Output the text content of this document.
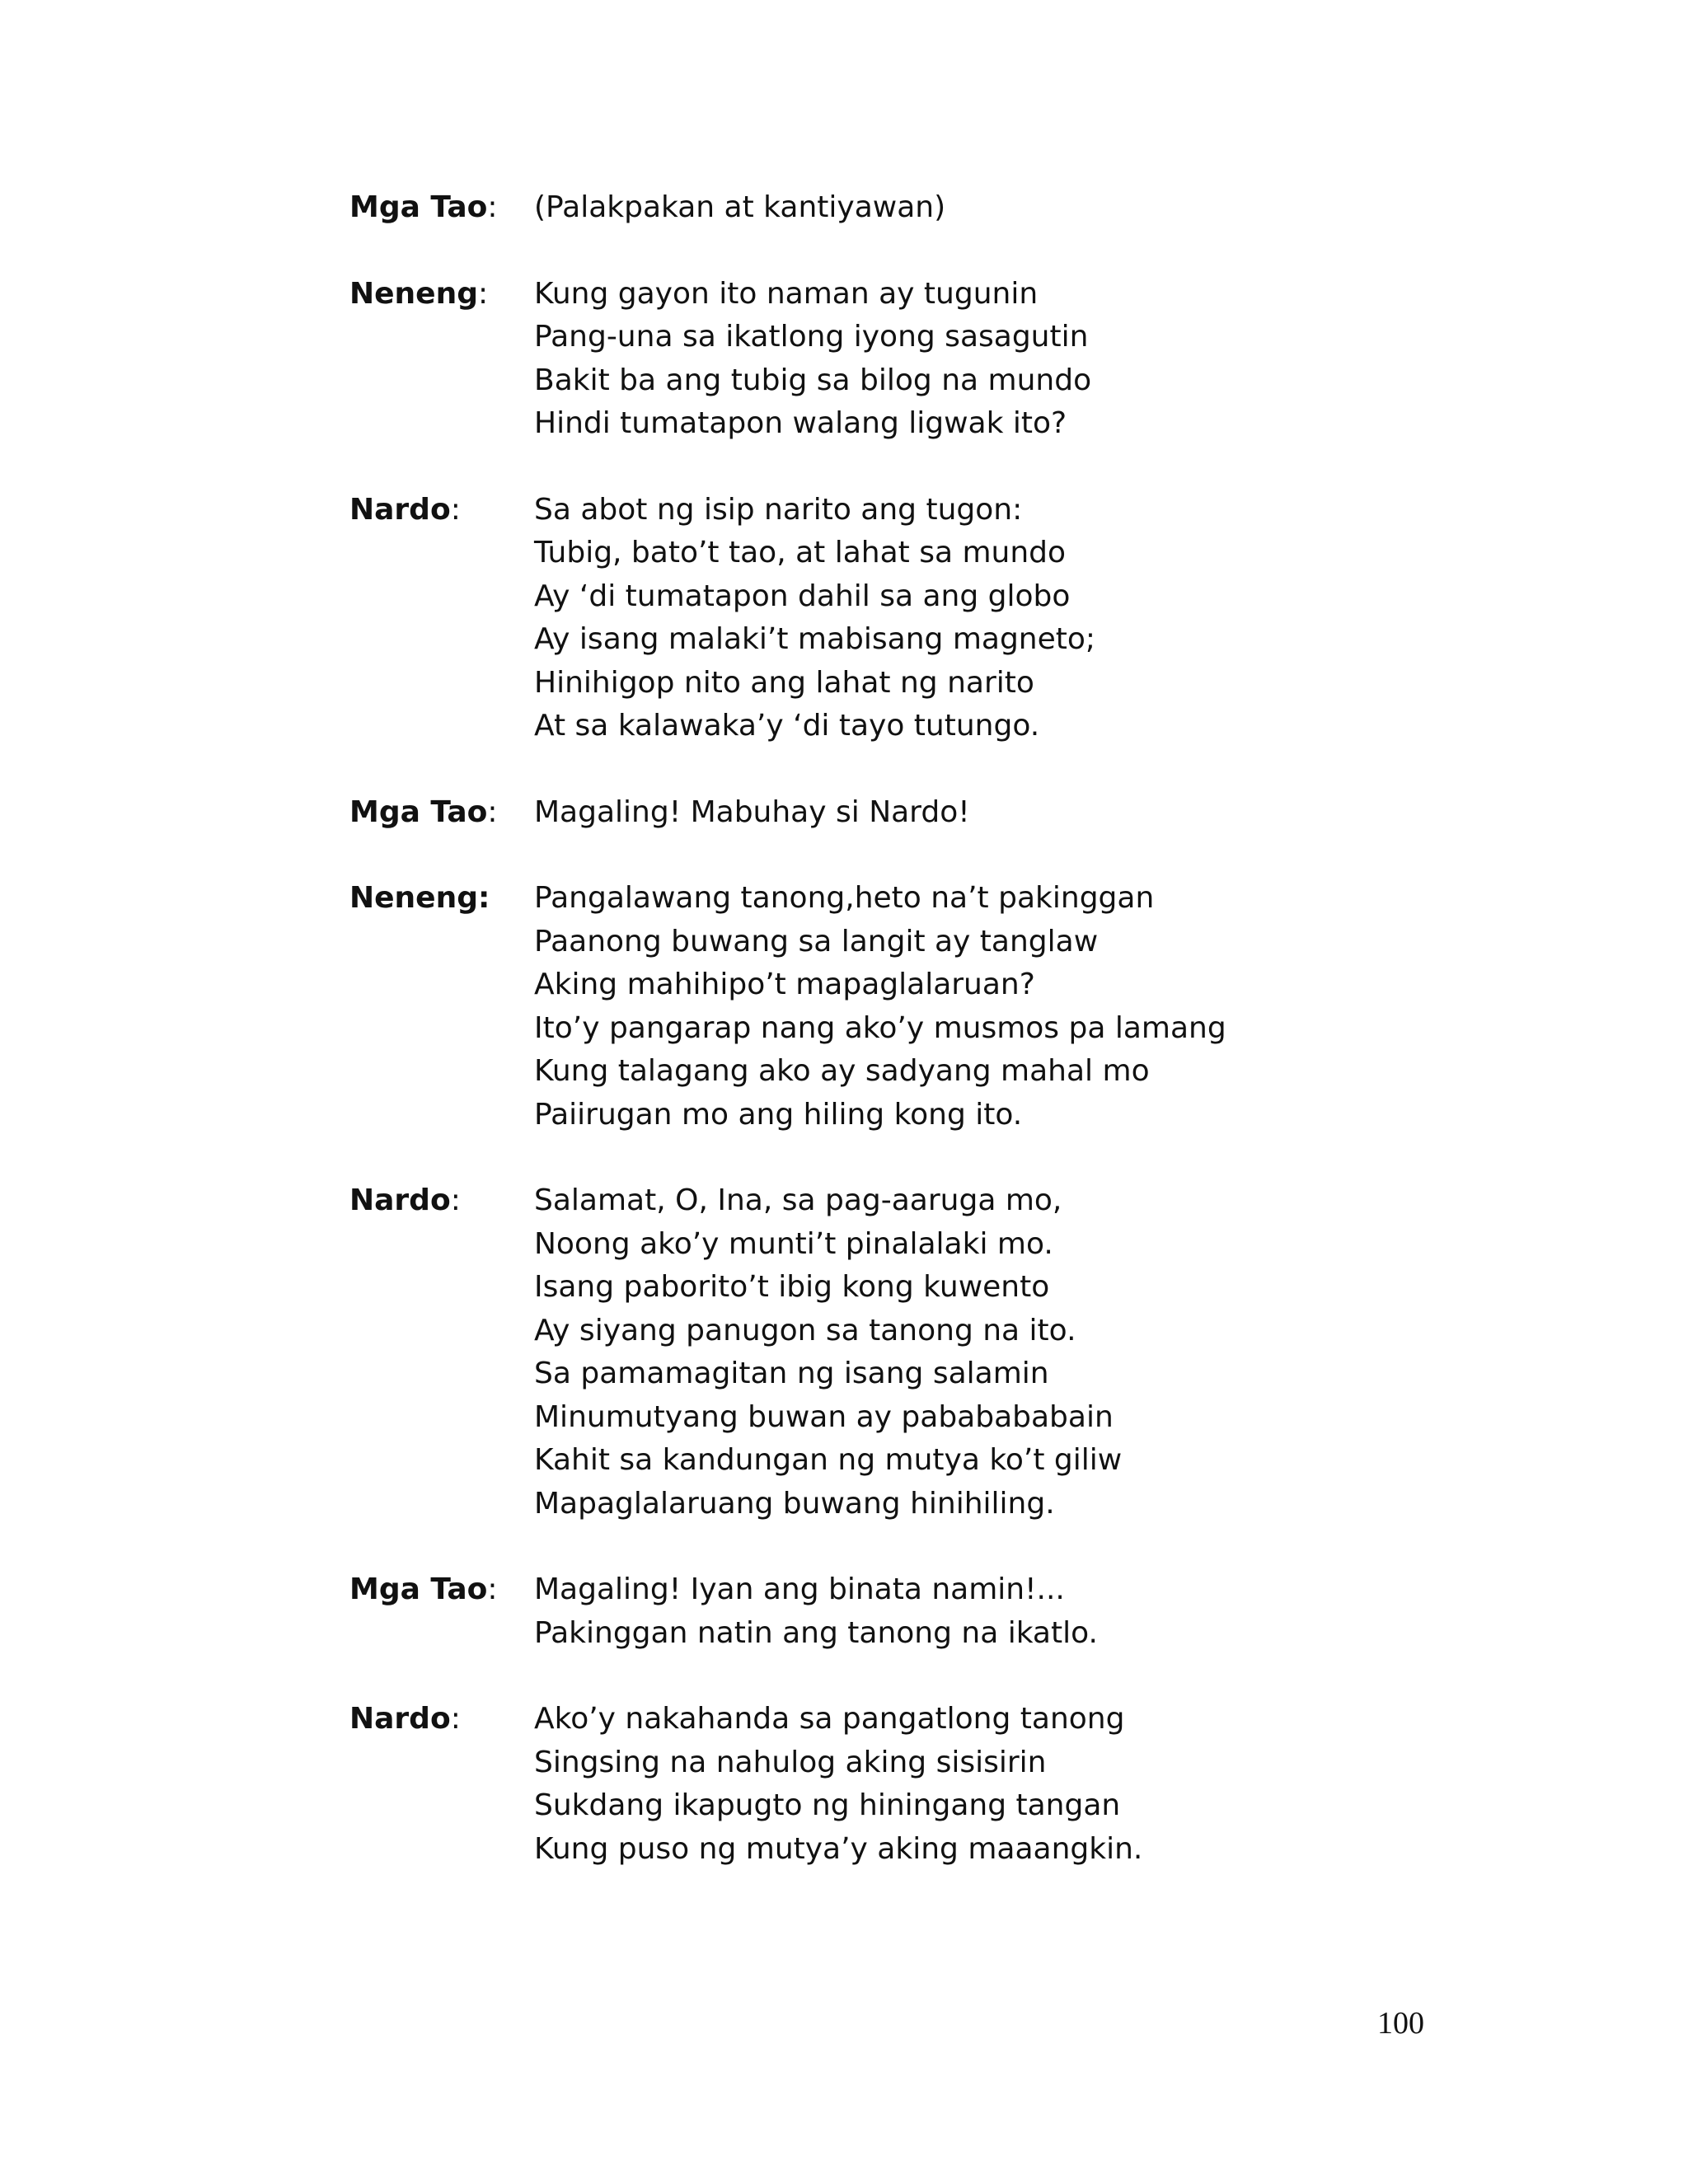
Mga Tao:	(Palakpakan at kantiyawan)
Neneng:	Kung gayon ito naman ay tugunin
Pang-una sa ikatlong iyong sasagutin
Bakit ba ang tubig sa bilog na mundo
Hindi tumatapon walang ligwak ito?
Nardo:	Sa abot ng isip narito ang tugon:
Tubig, bato’t tao, at lahat sa mundo
Ay ‘di tumatapon dahil sa ang globo
Ay isang malaki’t mabisang magneto;
Hinihigop nito ang lahat ng narito
At sa kalawaka’y ‘di tayo tutungo.
Mga Tao:	Magaling! Mabuhay si Nardo!
Neneng:	Pangalawang tanong,heto na’t pakinggan
Paanong buwang sa langit ay tanglaw
Aking mahihipo’t mapaglalaruan?
Ito’y pangarap nang ako’y musmos pa lamang
Kung talagang ako ay sadyang mahal mo
Paiirugan mo ang hiling kong ito.
Nardo:	Salamat, O, Ina, sa pag-aaruga mo,
Noong ako’y munti’t pinalalaki mo.
Isang paborito’t ibig kong kuwento
Ay siyang panugon sa tanong na ito.
Sa pamamagitan ng isang salamin
Minumutyang buwan ay pababababain
Kahit sa kandungan ng mutya ko’t giliw
Mapaglalaruang buwang hinihiling.
Mga Tao:	Magaling! Iyan ang binata namin!...
Pakinggan natin ang tanong na ikatlo.
Nardo:	Ako’y nakahanda sa pangatlong tanong
Singsing na nahulog aking sisisirin
Sukdang ikapugto ng hiningang tangan
Kung puso ng mutya’y aking maaangkin.
100
